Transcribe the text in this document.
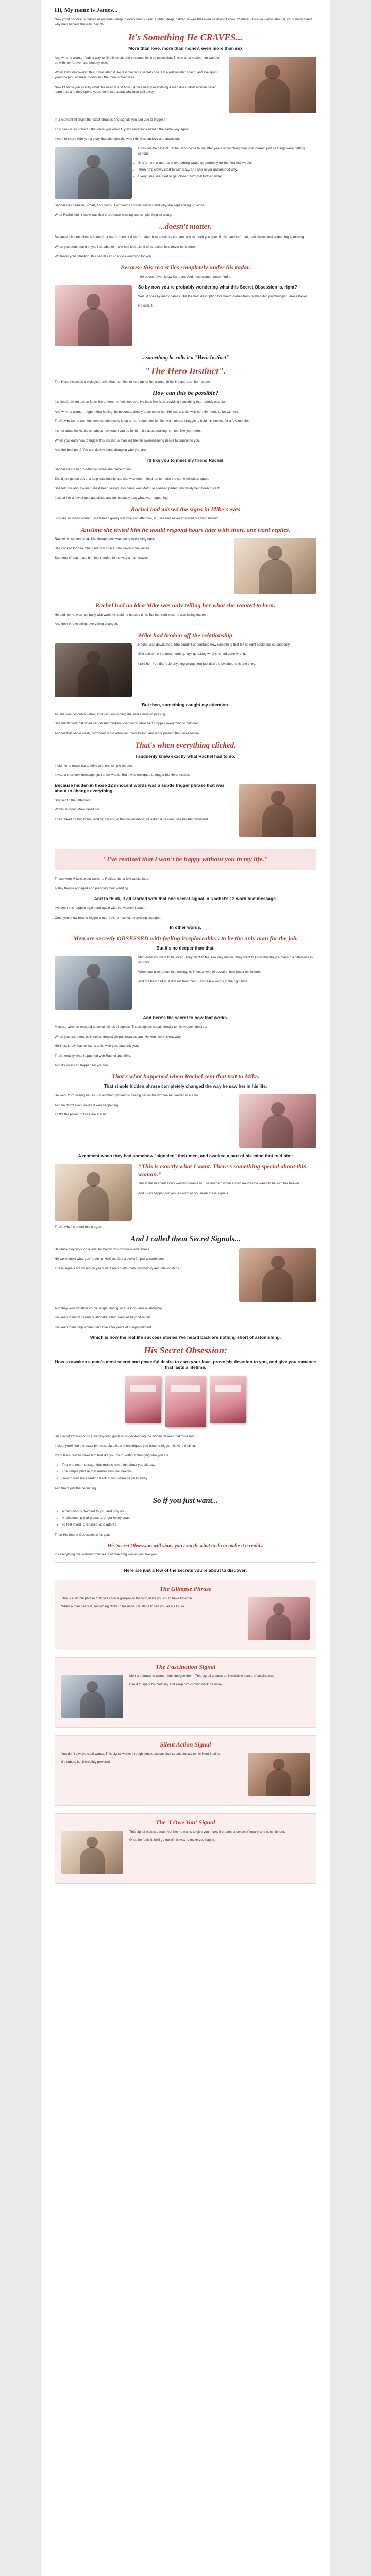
Hi, My name is James...

Now you'll discover a hidden need buried deep in every man's heart. Hidden deep, hidden so well that even he doesn't know it's there. Once you know about it, you'll understand why men behave the way they do.

It's Something He CRAVES...
More than love. more than money, even more than sex

And when a woman finds a way to fill this need, she becomes his true obsession. This is what makes him want to be with her forever and nobody else.

When I first discovered this, it was almost like discovering a secret code. I'm a relationship coach, and I've spent years helping women understand the men in their lives.

Now I'll show you exactly what this need is and how it drives nearly everything a man does. Most women never learn this, and they spend years confused about why men pull away.

In a moment I'll share the exact phrases and signals you can use to trigger it.

This need is so powerful that once you know it, you'll never look at men the same way again.

I want to share with you a story that changed the way I think about love and attraction.

Consider the case of Rachel, who came to me after years of watching men lose interest just as things were getting serious.

• She'd meet a man, and everything would go perfectly for the first few weeks.
• Then he'd slowly start to withdraw, and she never understood why.
• Every time she tried to get closer, he'd pull further away.

Rachel was beautiful, smart, and caring. Her friends couldn't understand why she kept ending up alone.

What Rachel didn't know was that she'd been missing one simple thing all along.

...doesn't matter.

Because this need lives so deep in a man's mind, it doesn't matter how attractive you are or how much you give. If this need isn't met, he'll always feel something is missing.

When you understand it, you'll be able to make him feel a kind of attraction he's never felt before.

Whatever your situation, this secret can change everything for you.

Because this secret lies completely under his radar.

He doesn't even know it's there. And most women never find it.

So by now you're probably wondering what this Secret Obsession is, right?

Well, it goes by many names. But the best description I've heard comes from relationship psychologist James Bauer.

He calls it...

...something he calls it a "Hero Instinct"
"The Hero Instinct".

The Hero Instinct is a biological drive that men feel to step up for the woman in his life and earn her respect.

How can this be possible?

It's simple: when a man feels like a hero, he feels needed. He feels like he's providing something that nobody else can.

And when a woman triggers that feeling, he becomes deeply attached to her. He wants to be with her. He needs to be with her.

That's why some women seem to effortlessly keep a man's attention for life, while others struggle to hold his interest for a few months.

It's not about looks. It's not about how much you do for him. It's about making him feel like your hero.

When you learn how to trigger this instinct, a man will feel an overwhelming desire to commit to you.

And the best part? You can do it without changing who you are.

I'd like you to meet my friend Rachel.

Rachel was in her mid-thirties when she came to me.

She'd just gotten out of a long relationship and she was determined not to make the same mistakes again.

She told me about a man she'd been seeing. His name was Matt. He seemed perfect, but lately he'd been distant.

I asked her a few simple questions and immediately saw what was happening.

Rachel had missed the signs in Mike's eyes

Just like so many women, she'd been giving him love and attention, but she had never triggered his Hero Instinct.

Anytime she texted him he would respond hours later with short, one word replies.

Rachel felt so confused. She thought she was doing everything right.

She cooked for him. She gave him space. She never complained.

But none of that made him feel needed in the way a man craves.

Rachel had no idea Mike was only telling her what she wanted to hear.

He told her he was just busy with work. He said he needed time. But the truth was, he was losing interest.

And then one evening, everything changed.

Mike had broken off the relationship

Rachel was devastated. She couldn't understand how something that felt so right could end so suddenly.

She called me the next morning, crying, asking what she had done wrong.

I told her: You didn't do anything wrong. You just didn't know about this one thing.

But then, something caught my attention.

As she was describing Mike, I noticed something she said almost in passing.

She mentioned that when her car had broken down once, Mike had dropped everything to help her.

And for that whole week, he'd been more attentive, more loving, and more present than ever before.

That's when everything clicked.
I suddenly knew exactly what Rachel had to do.

I told her to reach out to Mike with one simple request.

It was a short text message, just a few words. But it was designed to trigger his Hero Instinct.

Because hidden in those 12 innocent words was a subtle trigger phrase that was about to change everything.

She sent it that afternoon.

Within an hour, Mike called her.

They talked for two hours. And by the end of the conversation, he asked if he could see her that weekend.

"I've realized that I won't be happy without you in my life."

Those were Mike's exact words to Rachel, just a few weeks later.

Today they're engaged and planning their wedding.

And to think, it all started with that one secret signal in Rachel's 12 word text message.

I've seen this happen again and again with the women I coach.

Once you know how to trigger a man's Hero Instinct, everything changes.

In other words,
Men are secretly OBSESSED with feeling irreplaceable... to be the only man for the job.
But it's no deeper than that.

Men don't just want to be loved. They want to feel like they matter. They want to know that they're making a difference in your life.

When you give a man that feeling, he'll feel a level of devotion he's never felt before.

And the best part is, it doesn't take much. Just a few words at the right time.

And here's the secret to how that works.

Men are wired to respond to certain kinds of signals. These signals speak directly to his deepest desires.

When you use them, he'll feel an irresistible pull towards you. He won't even know why.

He'll just know that he wants to be with you, and only you.

That's exactly what happened with Rachel and Mike.

And it's what can happen for you too.

That's what happened when Rachel sent that text to Mike.
That simple hidden phrase completely changed the way he saw her in his life.

He went from seeing her as just another girlfriend to seeing her as the woman he needed in his life.

And he didn't even realize it was happening.

That's the power of the Hero Instinct.

A moment when they had somehow "signaled" their men, and awoken a part of his mind that told him:
"This is exactly what I want. There's something special about this woman."

This is the moment every woman dreams of. The moment when a man realizes he wants to be with her forever.

And it can happen for you, as soon as you learn these signals.

That's why I created this program.

And I called them Secret Signals...

Because they work on a level far below his conscious awareness.

He won't know what you're doing. He'll just feel a powerful pull towards you.

These signals are based on years of research into male psychology and relationships.

And they work whether you're single, dating, or in a long-term relationship.

I've seen them transform relationships that seemed beyond repair.

I've seen them help women find love after years of disappointment.

Which is how the real life success stories I've heard back are nothing short of astonishing.
His Secret Obsession:
How to awaken a man's most secret and powerful desire to earn your love, prove his devotion to you, and give you romance that lasts a lifetime.

His Secret Obsession is a step-by-step guide to understanding the hidden desires that drive men.

Inside, you'll find the exact phrases, signals, and techniques you need to trigger his Hero Instinct.

You'll learn how to make him feel like your hero, without changing who you are.

• The one text message that makes him think about you all day.
• The simple phrase that makes him feel needed.
• How to turn his attention back to you when he pulls away.

And that's just the beginning.

So if you just want...
• A man who is devoted to you and only you.
• A relationship that grows stronger every year.
• To feel loved, cherished, and adored.

Then His Secret Obsession is for you.

His Secret Obsession will show you exactly what to do to make it a reality.

It's everything I've learned from years of coaching women just like you.

Here are just a few of the secrets you're about to discover:
The Glimpse Phrase

This is a simple phrase that gives him a glimpse of the kind of life you could have together.

When a man hears it, something clicks in his mind. He starts to see you as his future.

The Fascination Signal

Men are drawn to women who intrigue them. This signal creates an irresistible sense of fascination.

Use it to spark his curiosity and keep him coming back for more.

Silent Action Signal

You don't always need words. This signal works through simple actions that speak directly to his Hero Instinct.

It's subtle, but incredibly powerful.

The 'I Owe You' Signal

This signal makes a man feel like he wants to give you more. It creates a sense of loyalty and commitment.

Once he feels it, he'll go out of his way to make you happy.
